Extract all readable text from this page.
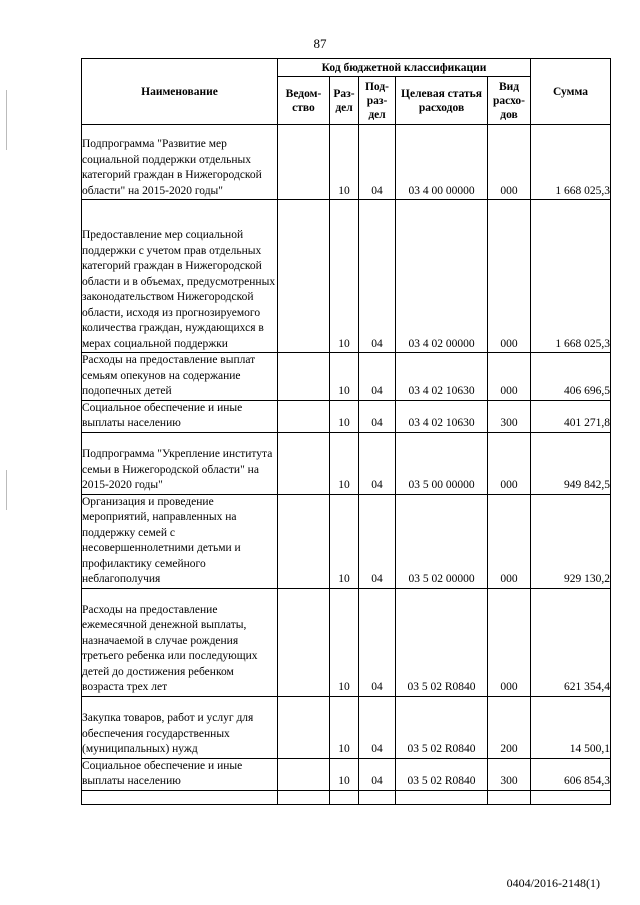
87
Наименование	Код бюджетной классификации					Сумма
	Ведом-ство	Раз-дел	Под-раз-дел	Целевая статья расходов	Вид расхо-дов	
Подпрограмма "Развитие мер социальной поддержки отдельных категорий граждан в Нижегородской области" на 2015-2020 годы"		10	04	03 4 00 00000	000	1 668 025,3
Предоставление мер социальной поддержки с учетом прав отдельных категорий граждан в Нижегородской области и в объемах, предусмотренных законодательством Нижегородской области, исходя из прогнозируемого количества граждан, нуждающихся в мерах социальной поддержки		10	04	03 4 02 00000	000	1 668 025,3
Расходы на предоставление выплат семьям опекунов на содержание подопечных детей		10	04	03 4 02 10630	000	406 696,5
Социальное обеспечение и иные выплаты населению		10	04	03 4 02 10630	300	401 271,8
Подпрограмма "Укрепление института семьи в Нижегородской области" на 2015-2020 годы"		10	04	03 5 00 00000	000	949 842,5
Организация и проведение мероприятий, направленных на поддержку семей с несовершеннолетними детьми и профилактику семейного неблагополучия		10	04	03 5 02 00000	000	929 130,2
Расходы на предоставление ежемесячной денежной выплаты, назначаемой в случае рождения третьего ребенка или последующих детей до достижения ребенком возраста трех лет		10	04	03 5 02 R0840	000	621 354,4
Закупка товаров, работ и услуг для обеспечения государственных (муниципальных) нужд		10	04	03 5 02 R0840	200	14 500,1
Социальное обеспечение и иные выплаты населению		10	04	03 5 02 R0840	300	606 854,3

0404/2016-2148(1)
